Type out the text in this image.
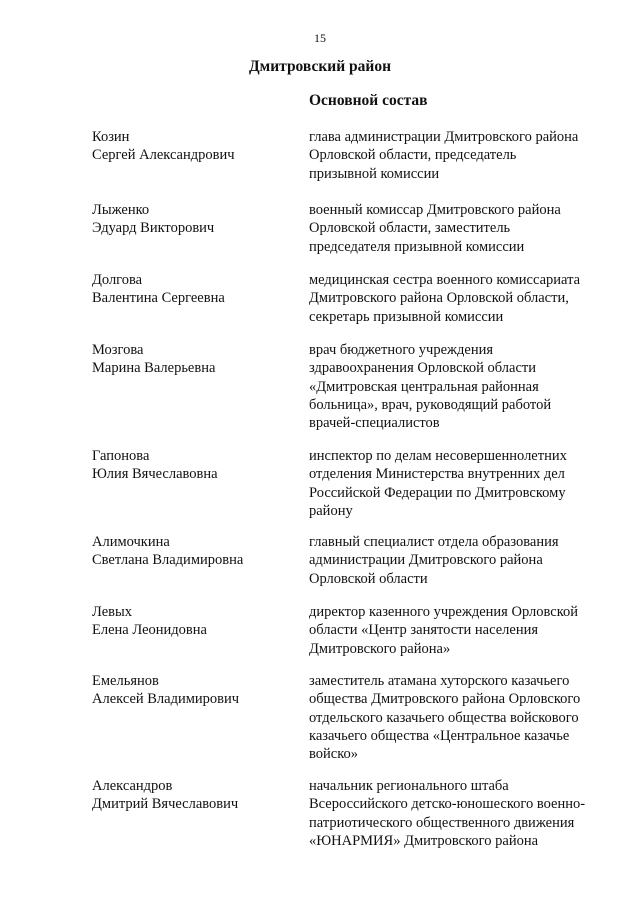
15
Дмитровский район
Основной состав
Козин
Сергей Александрович
глава администрации Дмитровского района
Орловской области, председатель
призывной комиссии
Лыженко
Эдуард Викторович
военный комиссар Дмитровского района
Орловской области, заместитель
председателя призывной комиссии
Долгова
Валентина Сергеевна
медицинская сестра военного комиссариата
Дмитровского района Орловской области,
секретарь призывной комиссии
Мозгова
Марина Валерьевна
врач бюджетного учреждения
здравоохранения Орловской области
«Дмитровская центральная районная
больница», врач, руководящий работой
врачей-специалистов
Гапонова
Юлия Вячеславовна
инспектор по делам несовершеннолетних
отделения Министерства внутренних дел
Российской Федерации по Дмитровскому
району
Алимочкина
Светлана Владимировна
главный специалист отдела образования
администрации Дмитровского района
Орловской области
Левых
Елена Леонидовна
директор казенного учреждения Орловской
области «Центр занятости населения
Дмитровского района»
Емельянов
Алексей Владимирович
заместитель атамана хуторского казачьего
общества Дмитровского района Орловского
отдельского казачьего общества войскового
казачьего общества «Центральное казачье
войско»
Александров
Дмитрий Вячеславович
начальник регионального штаба
Всероссийского детско-юношеского военно-
патриотического общественного движения
«ЮНАРМИЯ» Дмитровского района
